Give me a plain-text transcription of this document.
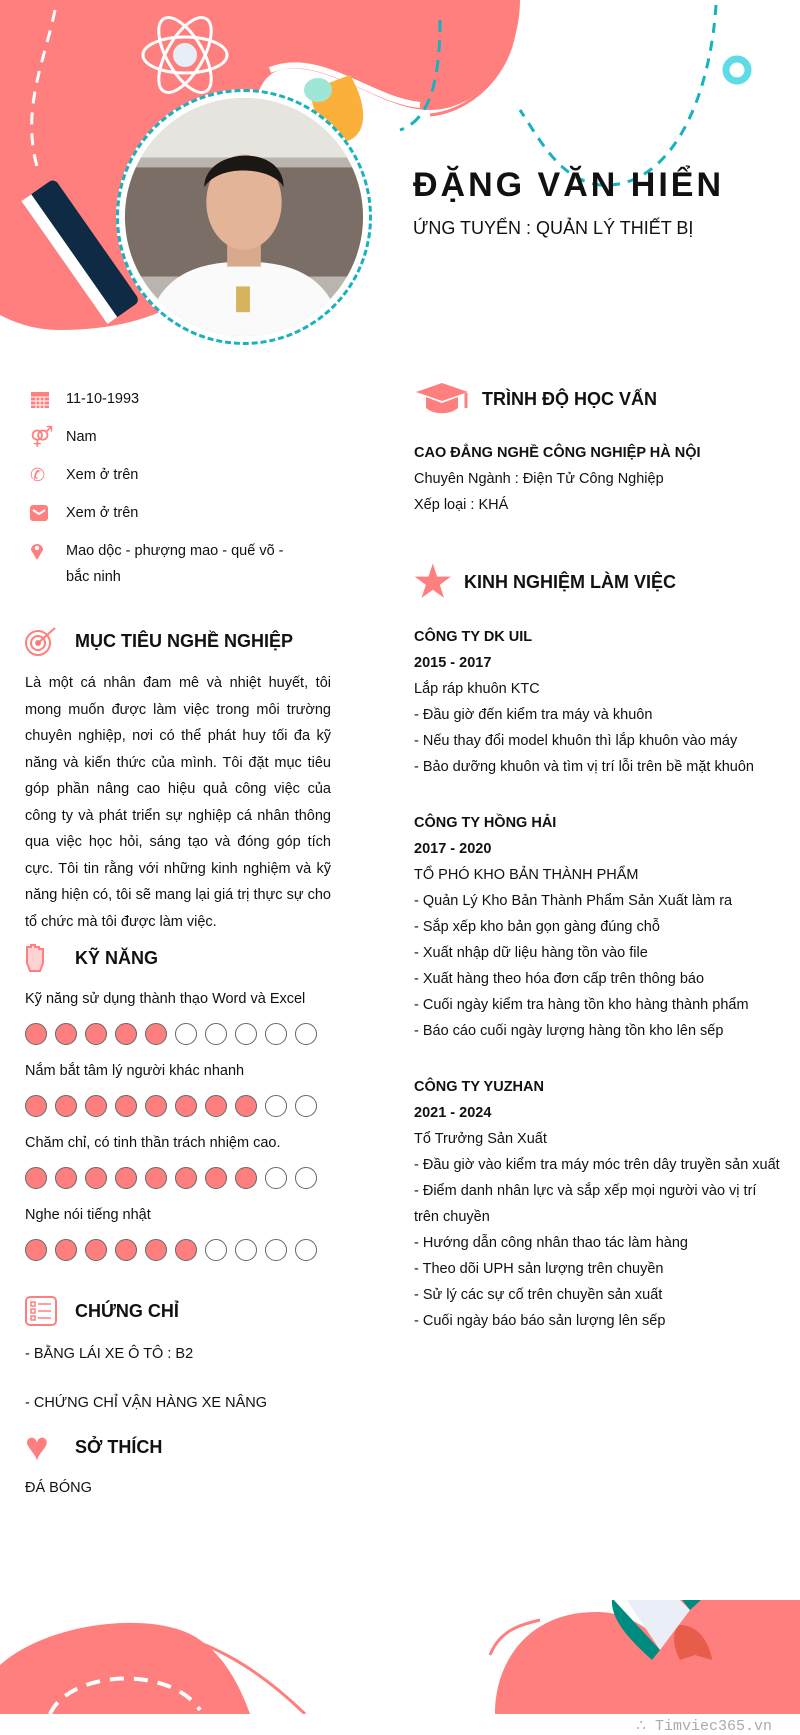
ĐẶNG VĂN HIỂN
ỨNG TUYỂN : QUẢN LÝ THIẾT BỊ
11-10-1993
⚤ Nam
✆	Xem ở trên
Xem ở trên
Mao dộc - phượng mao - quế võ - bắc ninh
MỤC TIÊU NGHỀ NGHIỆP

Là một cá nhân đam mê và nhiệt huyết, tôi mong muốn được làm việc trong môi trường chuyên nghiệp, nơi có thể phát huy tối đa kỹ năng và kiến thức của mình. Tôi đặt mục tiêu góp phần nâng cao hiệu quả công việc của công ty và phát triển sự nghiệp cá nhân thông qua việc học hỏi, sáng tạo và đóng góp tích cực. Tôi tin rằng với những kinh nghiệm và kỹ năng hiện có, tôi sẽ mang lại giá trị thực sự cho tổ chức mà tôi được làm việc.

KỸ NĂNG
Kỹ năng sử dụng thành thạo Word và Excel
Nắm bắt tâm lý người khác nhanh
Chăm chỉ, có tinh thần trách nhiệm cao.
Nghe nói tiếng nhật
CHỨNG CHỈ
- BẰNG LÁI XE Ô TÔ : B2
- CHỨNG CHỈ VẬN HÀNG XE NÂNG
♥	SỞ THÍCH
ĐÁ BÓNG
TRÌNH ĐỘ HỌC VẤN
CAO ĐẲNG NGHỀ CÔNG NGHIỆP HÀ NỘI
Chuyên Ngành : Điện Tử Công Nghiệp
Xếp loại : KHÁ
★ KINH NGHIỆM LÀM VIỆC
CÔNG TY DK UIL
2015 - 2017
Lắp ráp khuôn KTC
- Đầu giờ đến kiểm tra máy và khuôn
- Nếu thay đổi model khuôn thì lắp khuôn vào máy
- Bảo dưỡng khuôn và tìm vị trí lỗi trên bề mặt khuôn
CÔNG TY HỒNG HẢI
2017 - 2020
TỔ PHÓ KHO BẢN THÀNH PHẨM
- Quản Lý Kho Bản Thành Phẩm Sản Xuất làm ra
- Sắp xếp kho bản gọn gàng đúng chỗ
- Xuất nhập dữ liệu hàng tồn vào file
- Xuất hàng theo hóa đơn cấp trên thông báo
- Cuối ngày kiểm tra hàng tồn kho hàng thành phẩm
- Báo cáo cuối ngày lượng hàng tồn kho lên sếp
CÔNG TY YUZHAN
2021 - 2024
Tổ Trưởng Sản Xuất
- Đầu giờ vào kiểm tra máy móc trên dây truyền sản xuất
- Điểm danh nhân lực và sắp xếp mọi người vào vị trí trên chuyền
- Hướng dẫn công nhân thao tác làm hàng
- Theo dõi UPH sản lượng trên chuyền
- Sử lý các sự cố trên chuyền sản xuất
- Cuối ngày báo báo sản lượng lên sếp
∴ Timviec365.vn
